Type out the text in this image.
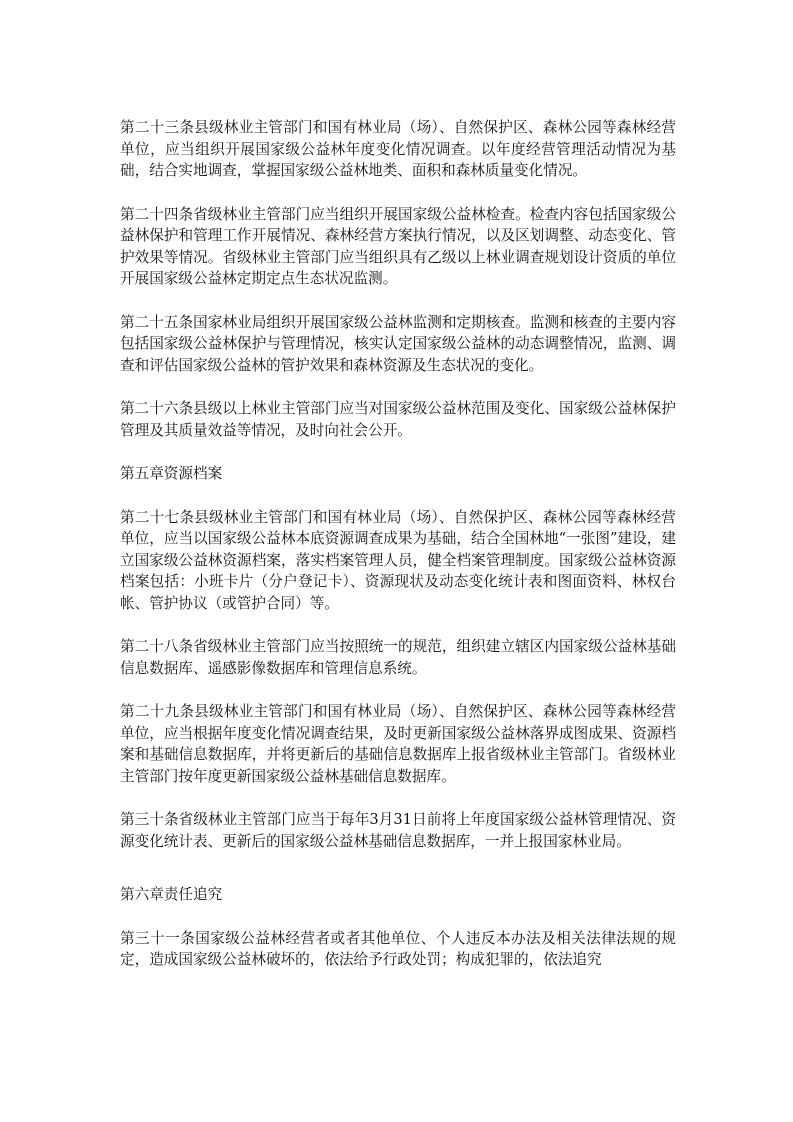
第二十三条县级林业主管部门和国有林业局（场）、自然保护区、森林公园等森林经营单位，应当组织开展国家级公益林年度变化情况调查。以年度经营管理活动情况为基础，结合实地调查，掌握国家级公益林地类、面积和森林质量变化情况。

第二十四条省级林业主管部门应当组织开展国家级公益林检查。检查内容包括国家级公益林保护和管理工作开展情况、森林经营方案执行情况，以及区划调整、动态变化、管护效果等情况。省级林业主管部门应当组织具有乙级以上林业调查规划设计资质的单位开展国家级公益林定期定点生态状况监测。

第二十五条国家林业局组织开展国家级公益林监测和定期核查。监测和核查的主要内容包括国家级公益林保护与管理情况，核实认定国家级公益林的动态调整情况，监测、调查和评估国家级公益林的管护效果和森林资源及生态状况的变化。

第二十六条县级以上林业主管部门应当对国家级公益林范围及变化、国家级公益林保护管理及其质量效益等情况，及时向社会公开。

第五章资源档案

第二十七条县级林业主管部门和国有林业局（场）、自然保护区、森林公园等森林经营单位，应当以国家级公益林本底资源调查成果为基础，结合全国林地“一张图”建设，建立国家级公益林资源档案，落实档案管理人员，健全档案管理制度。国家级公益林资源档案包括：小班卡片（分户登记卡）、资源现状及动态变化统计表和图面资料、林权台帐、管护协议（或管护合同）等。

第二十八条省级林业主管部门应当按照统一的规范，组织建立辖区内国家级公益林基础信息数据库、遥感影像数据库和管理信息系统。

第二十九条县级林业主管部门和国有林业局（场）、自然保护区、森林公园等森林经营单位，应当根据年度变化情况调查结果，及时更新国家级公益林落界成图成果、资源档案和基础信息数据库，并将更新后的基础信息数据库上报省级林业主管部门。省级林业主管部门按年度更新国家级公益林基础信息数据库。

第三十条省级林业主管部门应当于每年3月31日前将上年度国家级公益林管理情况、资源变化统计表、更新后的国家级公益林基础信息数据库，一并上报国家林业局。

第六章责任追究

第三十一条国家级公益林经营者或者其他单位、个人违反本办法及相关法律法规的规定，造成国家级公益林破坏的，依法给予行政处罚；构成犯罪的，依法追究
